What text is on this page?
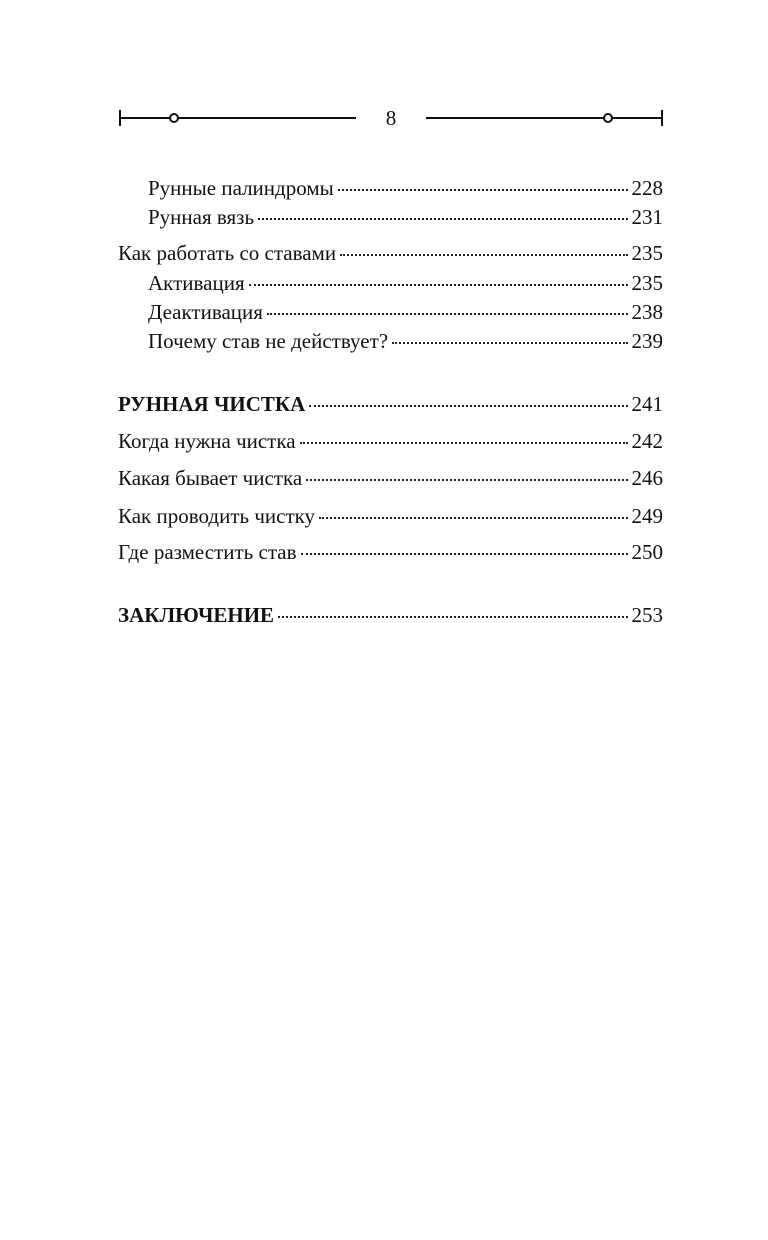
8
Рунные палиндромы	228
Рунная вязь	231
Как работать со ставами	235
Активация	235
Деактивация	238
Почему став не действует?	239
РУННАЯ ЧИСТКА	241
Когда нужна чистка	242
Какая бывает чистка	246
Как проводить чистку	249
Где разместить став	250
ЗАКЛЮЧЕНИЕ	253
